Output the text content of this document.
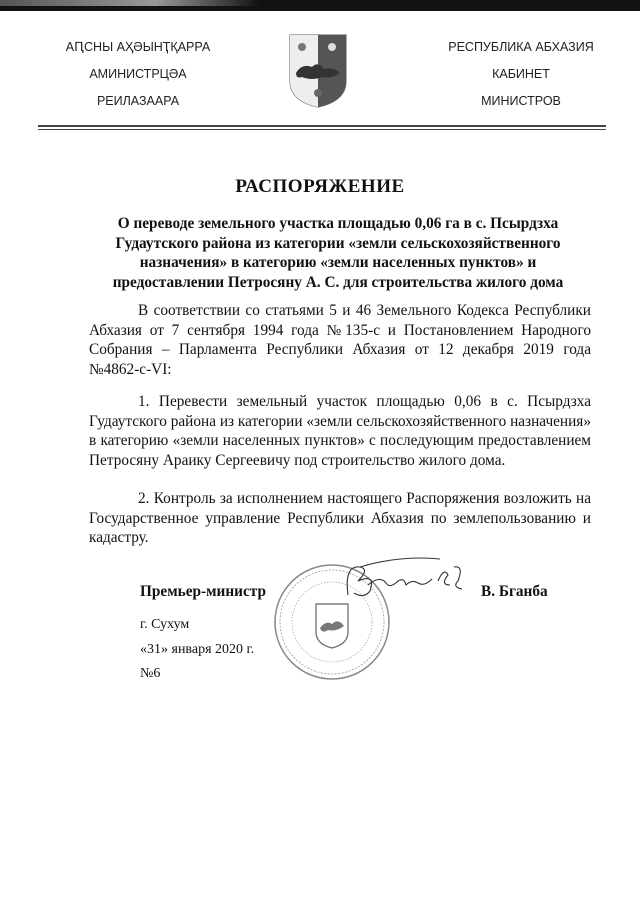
АԤСНЫ АҲӘЫНҬҚАРРА
АМИНИСТРЦӘА
РЕИЛАЗААРА
РЕСПУБЛИКА АБХАЗИЯ
КАБИНЕТ
МИНИСТРОВ
РАСПОРЯЖЕНИЕ
О переводе земельного участка площадью 0,06 га в с. Псырдзха Гудаутского района из категории «земли сельскохозяйственного назначения» в категорию «земли населенных пунктов» и предоставлении Петросяну А. С. для строительства жилого дома

В соответствии со статьями 5 и 46 Земельного Кодекса Республики Абхазия от 7 сентября 1994 года №135-с и Постановлением Народного Собрания – Парламента Республики Абхазия от 12 декабря 2019 года №4862-с-VI:

1. Перевести земельный участок площадью 0,06 в с. Псырдзха Гудаутского района из категории «земли сельскохозяйственного назначения» в категорию «земли населенных пунктов» с последующим предоставлением Петросяну Араику Сергеевичу под строительство жилого дома.

2. Контроль за исполнением настоящего Распоряжения возложить на Государственное управление Республики Абхазия по землепользованию и кадастру.

Премьер-министр	В. Бганба
г. Сухум
«31» января 2020 г.
№6
